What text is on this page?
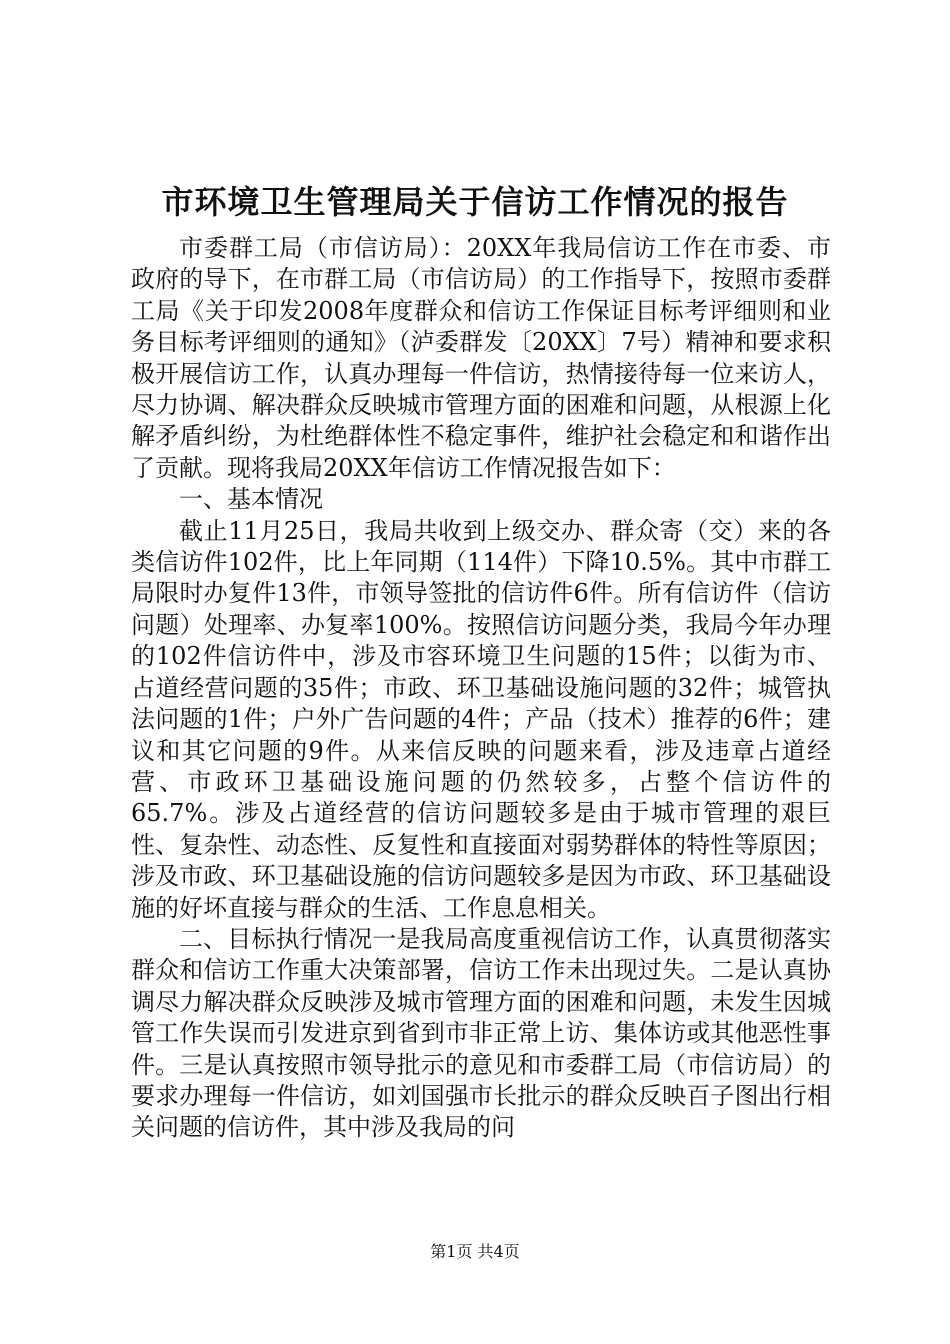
市环境卫生管理局关于信访工作情况的报告

市委群工局（市信访局）：20XX年我局信访工作在市委、市政府的导下，在市群工局（市信访局）的工作指导下，按照市委群工局《关于印发2008年度群众和信访工作保证目标考评细则和业务目标考评细则的通知》（泸委群发〔20XX〕7号）精神和要求积极开展信访工作，认真办理每一件信访，热情接待每一位来访人，尽力协调、解决群众反映城市管理方面的困难和问题，从根源上化解矛盾纠纷，为杜绝群体性不稳定事件，维护社会稳定和和谐作出了贡献。现将我局20XX年信访工作情况报告如下：

一、基本情况

截止11月25日，我局共收到上级交办、群众寄（交）来的各类信访件102件，比上年同期（114件）下降10.5%。其中市群工局限时办复件13件，市领导签批的信访件6件。所有信访件（信访问题）处理率、办复率100%。按照信访问题分类，我局今年办理的102件信访件中，涉及市容环境卫生问题的15件；以街为市、占道经营问题的35件；市政、环卫基础设施问题的32件；城管执法问题的1件；户外广告问题的4件；产品（技术）推荐的6件；建议和其它问题的9件。从来信反映的问题来看，涉及违章占道经营、市政环卫基础设施问题的仍然较多，占整个信访件的65.7%。涉及占道经营的信访问题较多是由于城市管理的艰巨性、复杂性、动态性、反复性和直接面对弱势群体的特性等原因；涉及市政、环卫基础设施的信访问题较多是因为市政、环卫基础设施的好坏直接与群众的生活、工作息息相关。

二、目标执行情况一是我局高度重视信访工作，认真贯彻落实群众和信访工作重大决策部署，信访工作未出现过失。二是认真协调尽力解决群众反映涉及城市管理方面的困难和问题，未发生因城管工作失误而引发进京到省到市非正常上访、集体访或其他恶性事件。三是认真按照市领导批示的意见和市委群工局（市信访局）的要求办理每一件信访，如刘国强市长批示的群众反映百子图出行相关问题的信访件，其中涉及我局的问

第1页 共4页
